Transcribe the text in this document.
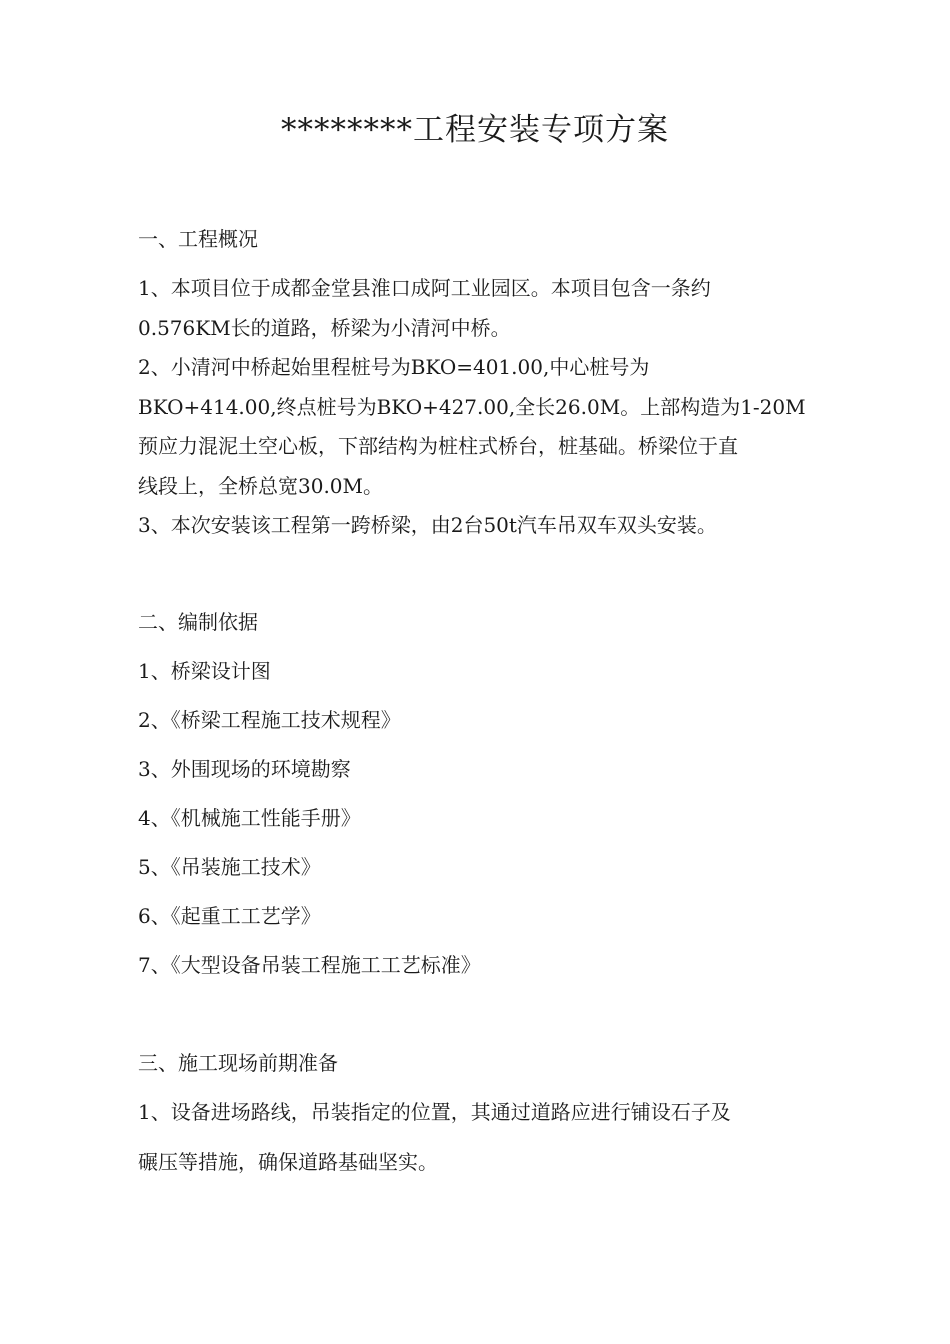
********工程安装专项方案

一、工程概况

1、本项目位于成都金堂县淮口成阿工业园区。本项目包含一条约

0.576KM长的道路，桥梁为小清河中桥。

2、小清河中桥起始里程桩号为BKO=401.00,中心桩号为

BKO+414.00,终点桩号为BKO+427.00,全长26.0M。上部构造为1-20M

预应力混泥土空心板，下部结构为桩柱式桥台，桩基础。桥梁位于直

线段上，全桥总宽30.0M。

3、本次安装该工程第一跨桥梁，由2台50t汽车吊双车双头安装。

二、编制依据

1、桥梁设计图

2、《桥梁工程施工技术规程》

3、外围现场的环境勘察

4、《机械施工性能手册》

5、《吊装施工技术》

6、《起重工工艺学》

7、《大型设备吊装工程施工工艺标准》

三、施工现场前期准备

1、设备进场路线，吊装指定的位置，其通过道路应进行铺设石子及

碾压等措施，确保道路基础坚实。
